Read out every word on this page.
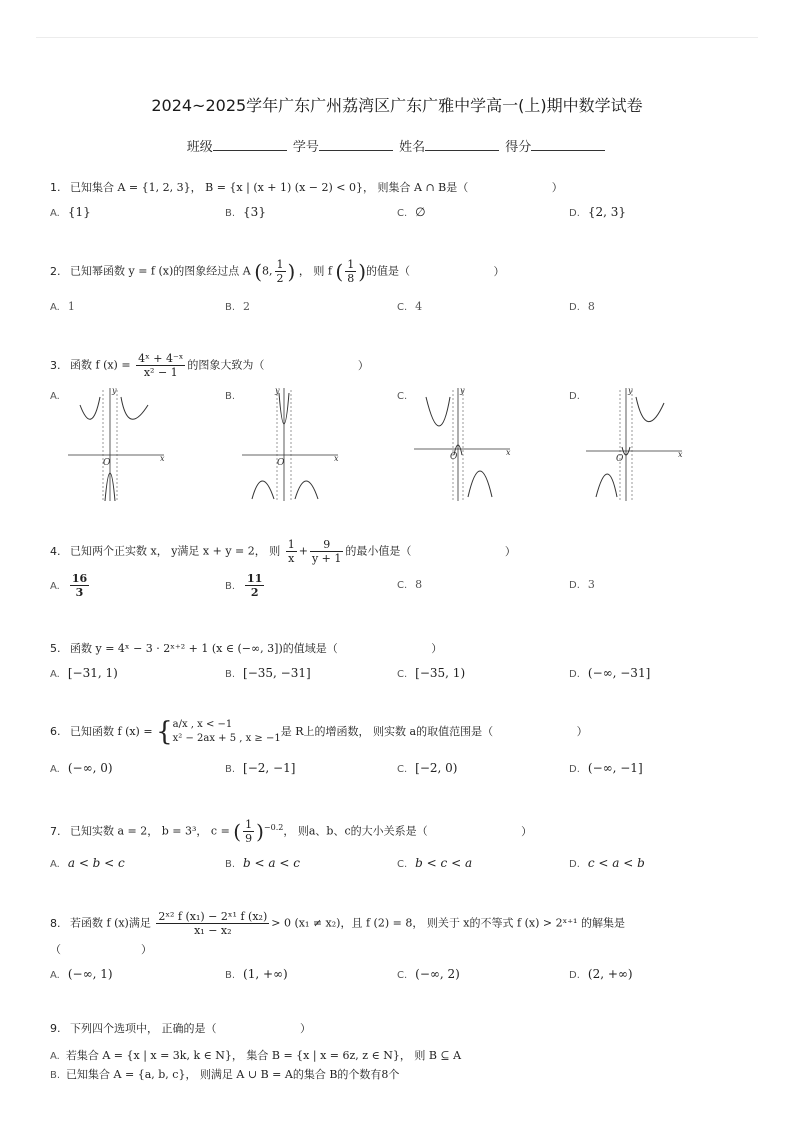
2024~2025学年广东广州荔湾区广东广雅中学高一(上)期中数学试卷
班级	学号	姓名	得分
1. 已知集合 A = {1, 2, 3}， B = {x | (x + 1) (x − 2) < 0}， 则集合 A ∩ B是（	）
A. {1}	B. {3}	C. ∅	D. {2, 3}
2. 已知幂函数 y = f (x)的图象经过点 A (8, $\frac{1}{2}$ ) ， 则 f ( $\frac{1}{8}$ )的值是（	）
A. 1	B. 2	C. 4	D. 8
3. 函数 f $(x) = \frac{\text{4ˣ + 4⁻ˣ}}{\text{x² − 1}}$ 的图象大致为（	）
A.	B.	C.	D.
O	x
y
O	x
y
O	x
y
O	x
y
4. 已知两个正实数 x， y满足 x + y = 2， 则 $\frac{1}{x} + \frac{9}{y + 1}$ 的最小值是（	）
A. $\frac{16}{3}$	B. $\frac{11}{2}$	C. 8	D. 3
5. 函数 y = 4ˣ − 3 · 2ˣ⁺² + 1 (x ∈ (−∞, 3])的值域是（	）
A. [−31, 1)	B. [−35, −31]	C. [−35, 1)	D. (−∞, −31]
6. 已知函数 f (x) = { a/x , x < −1
x² − 2ax + 5 , x ≥ −1
是 R上的增函数， 则实数 a的取值范围是（	）
A. (−∞, 0)	B. [−2, −1]	C. [−2, 0)	D. (−∞, −1]
7. 已知实数 a = 2， b = 3³， c = ( $\frac{1}{9} )^{-0.2}$， 则a、b、c的大小关系是（	）
A. a < b < c	B. b < a < c	C. b < c < a	D. c < a < b
8. 若函数 f (x)满足 $\frac{\text{2ˣ² f (x₁) − 2ˣ¹ f (x₂)}}{\text{x₁ − x₂}} > 0$ (x₁ ≠ x₂)，且 f (2) = 8， 则关于 x的不等式 f (x) > 2ˣ⁺¹ 的解集是
（	）
A. (−∞, 1)	B. (1, +∞)	C. (−∞, 2)	D. (2, +∞)
9. 下列四个选项中， 正确的是（	）
A. 若集合 A = {x | x = 3k, k ∈ N}， 集合 B = {x | x = 6z, z ∈ N}， 则 B ⊆ A
B. 已知集合 A = {a, b, c}， 则满足 A ∪ B = A的集合 B的个数有8个
